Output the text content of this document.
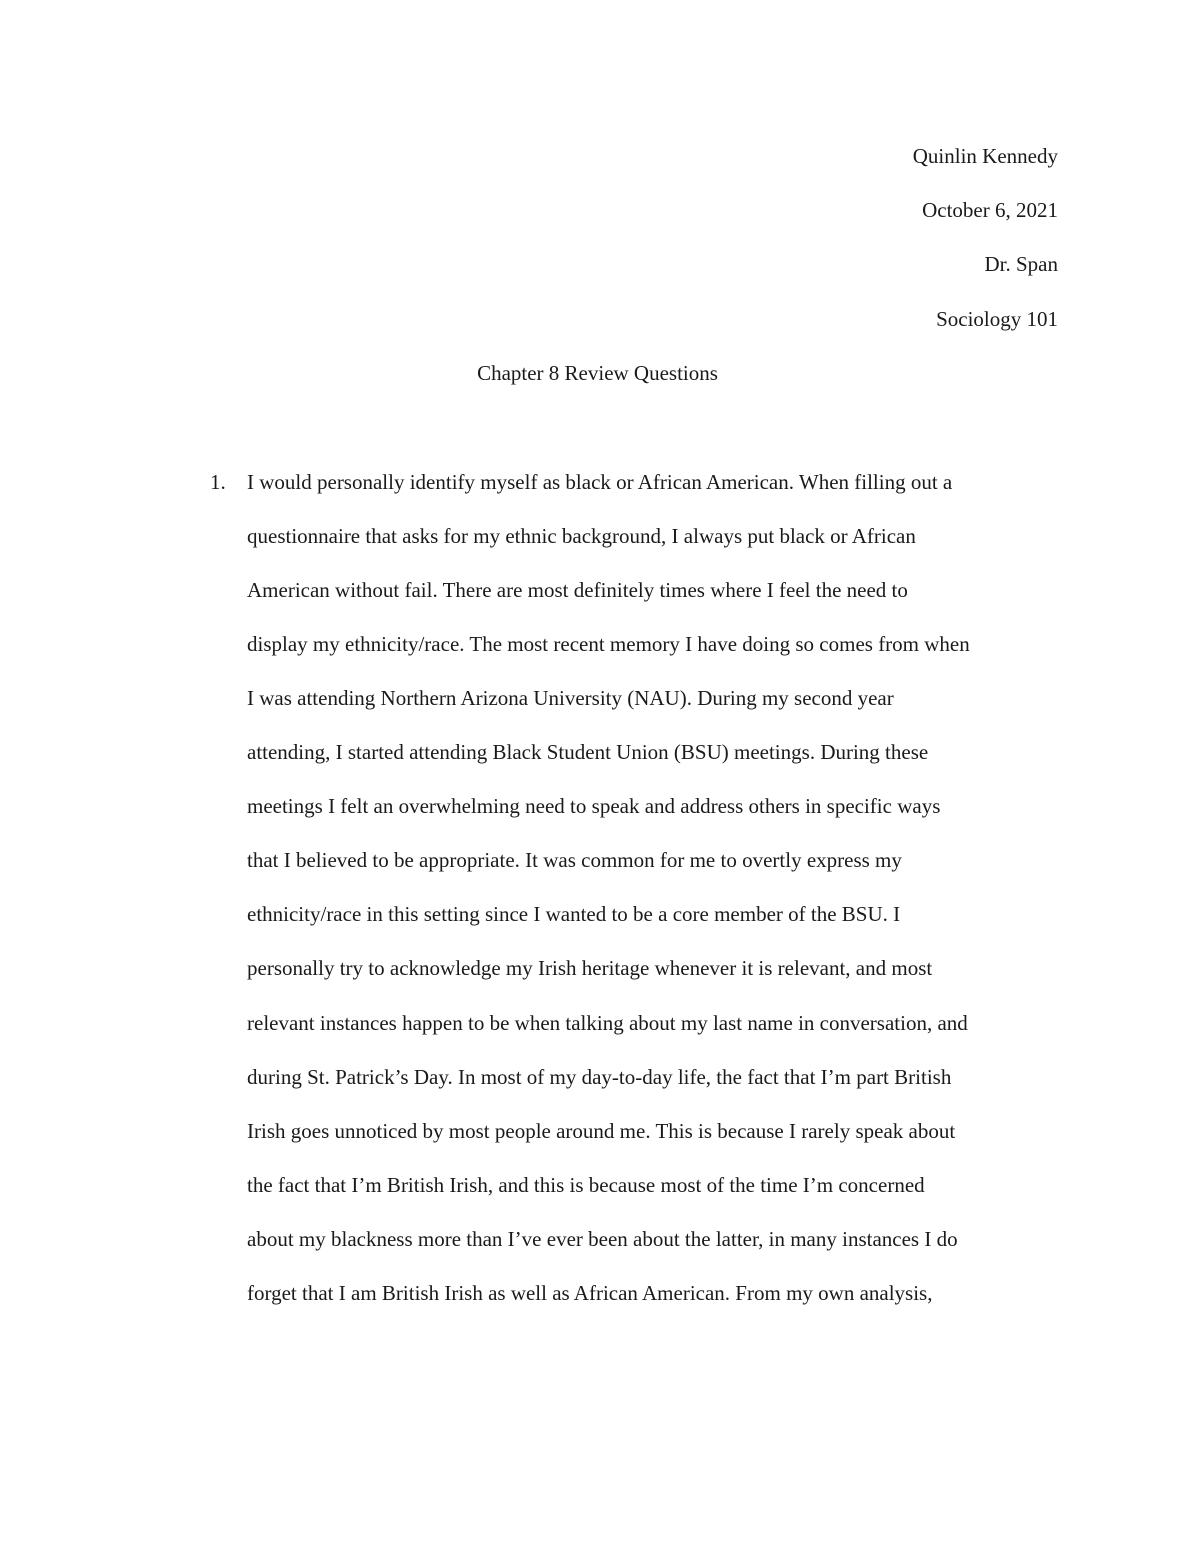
Quinlin Kennedy
October 6, 2021
Dr. Span
Sociology 101
Chapter 8 Review Questions
1. I would personally identify myself as black or African American. When filling out a
questionnaire that asks for my ethnic background, I always put black or African
American without fail. There are most definitely times where I feel the need to
display my ethnicity/race. The most recent memory I have doing so comes from when
I was attending Northern Arizona University (NAU). During my second year
attending, I started attending Black Student Union (BSU) meetings. During these
meetings I felt an overwhelming need to speak and address others in specific ways
that I believed to be appropriate. It was common for me to overtly express my
ethnicity/race in this setting since I wanted to be a core member of the BSU. I
personally try to acknowledge my Irish heritage whenever it is relevant, and most
relevant instances happen to be when talking about my last name in conversation, and
during St. Patrick’s Day. In most of my day-to-day life, the fact that I’m part British
Irish goes unnoticed by most people around me. This is because I rarely speak about
the fact that I’m British Irish, and this is because most of the time I’m concerned
about my blackness more than I’ve ever been about the latter, in many instances I do
forget that I am British Irish as well as African American. From my own analysis,
